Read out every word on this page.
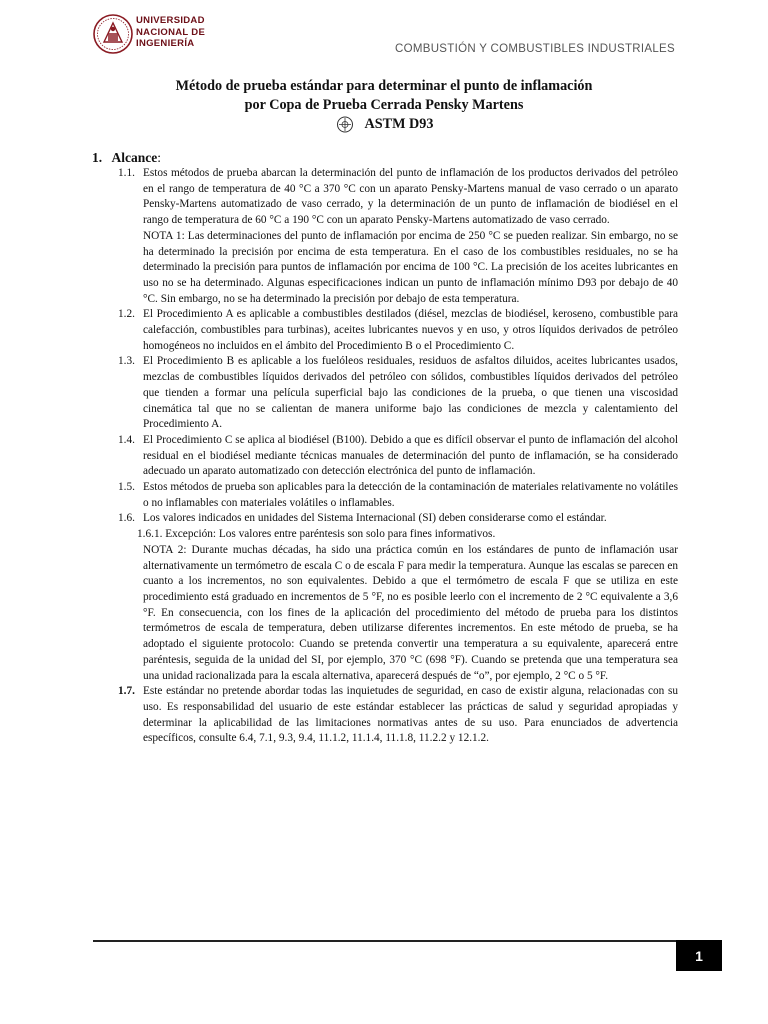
UNIVERSIDAD
NACIONAL DE
INGENIERÍA	COMBUSTIÓN Y COMBUSTIBLES INDUSTRIALES
Método de prueba estándar para determinar el punto de inflamación
por Copa de Prueba Cerrada Pensky Martens
ASTM D93
1. Alcance:
1.1. Estos métodos de prueba abarcan la determinación del punto de inflamación de los productos derivados del petróleo en el rango de temperatura de 40 °C a 370 °C con un aparato Pensky-Martens manual de vaso cerrado o un aparato Pensky-Martens automatizado de vaso cerrado, y la determinación de un punto de inflamación de biodiésel en el rango de temperatura de 60 °C a 190 °C con un aparato Pensky-Martens automatizado de vaso cerrado.
NOTA 1: Las determinaciones del punto de inflamación por encima de 250 °C se pueden realizar. Sin embargo, no se ha determinado la precisión por encima de esta temperatura. En el caso de los combustibles residuales, no se ha determinado la precisión para puntos de inflamación por encima de 100 °C. La precisión de los aceites lubricantes en uso no se ha determinado. Algunas especificaciones indican un punto de inflamación mínimo D93 por debajo de 40 °C. Sin embargo, no se ha determinado la precisión por debajo de esta temperatura.
1.2. El Procedimiento A es aplicable a combustibles destilados (diésel, mezclas de biodiésel, keroseno, combustible para calefacción, combustibles para turbinas), aceites lubricantes nuevos y en uso, y otros líquidos derivados de petróleo homogéneos no incluidos en el ámbito del Procedimiento B o el Procedimiento C.
1.3. El Procedimiento B es aplicable a los fuelóleos residuales, residuos de asfaltos diluidos, aceites lubricantes usados, mezclas de combustibles líquidos derivados del petróleo con sólidos, combustibles líquidos derivados del petróleo que tienden a formar una película superficial bajo las condiciones de la prueba, o que tienen una viscosidad cinemática tal que no se calientan de manera uniforme bajo las condiciones de mezcla y calentamiento del Procedimiento A.
1.4. El Procedimiento C se aplica al biodiésel (B100). Debido a que es difícil observar el punto de inflamación del alcohol residual en el biodiésel mediante técnicas manuales de determinación del punto de inflamación, se ha considerado adecuado un aparato automatizado con detección electrónica del punto de inflamación.
1.5. Estos métodos de prueba son aplicables para la detección de la contaminación de materiales relativamente no volátiles o no inflamables con materiales volátiles o inflamables.
1.6. Los valores indicados en unidades del Sistema Internacional (SI) deben considerarse como el estándar.
1.6.1. Excepción: Los valores entre paréntesis son solo para fines informativos.
NOTA 2: Durante muchas décadas, ha sido una práctica común en los estándares de punto de inflamación usar alternativamente un termómetro de escala C o de escala F para medir la temperatura. Aunque las escalas se parecen en cuanto a los incrementos, no son equivalentes. Debido a que el termómetro de escala F que se utiliza en este procedimiento está graduado en incrementos de 5 °F, no es posible leerlo con el incremento de 2 °C equivalente a 3,6 °F. En consecuencia, con los fines de la aplicación del procedimiento del método de prueba para los distintos termómetros de escala de temperatura, deben utilizarse diferentes incrementos. En este método de prueba, se ha adoptado el siguiente protocolo: Cuando se pretenda convertir una temperatura a su equivalente, aparecerá entre paréntesis, seguida de la unidad del SI, por ejemplo, 370 °C (698 °F). Cuando se pretenda que una temperatura sea una unidad racionalizada para la escala alternativa, aparecerá después de “o”, por ejemplo, 2 °C o 5 °F.
1.7. Este estándar no pretende abordar todas las inquietudes de seguridad, en caso de existir alguna, relacionadas con su uso. Es responsabilidad del usuario de este estándar establecer las prácticas de salud y seguridad apropiadas y determinar la aplicabilidad de las limitaciones normativas antes de su uso. Para enunciados de advertencia específicos, consulte 6.4, 7.1, 9.3, 9.4, 11.1.2, 11.1.4, 11.1.8, 11.2.2 y 12.1.2.
1
